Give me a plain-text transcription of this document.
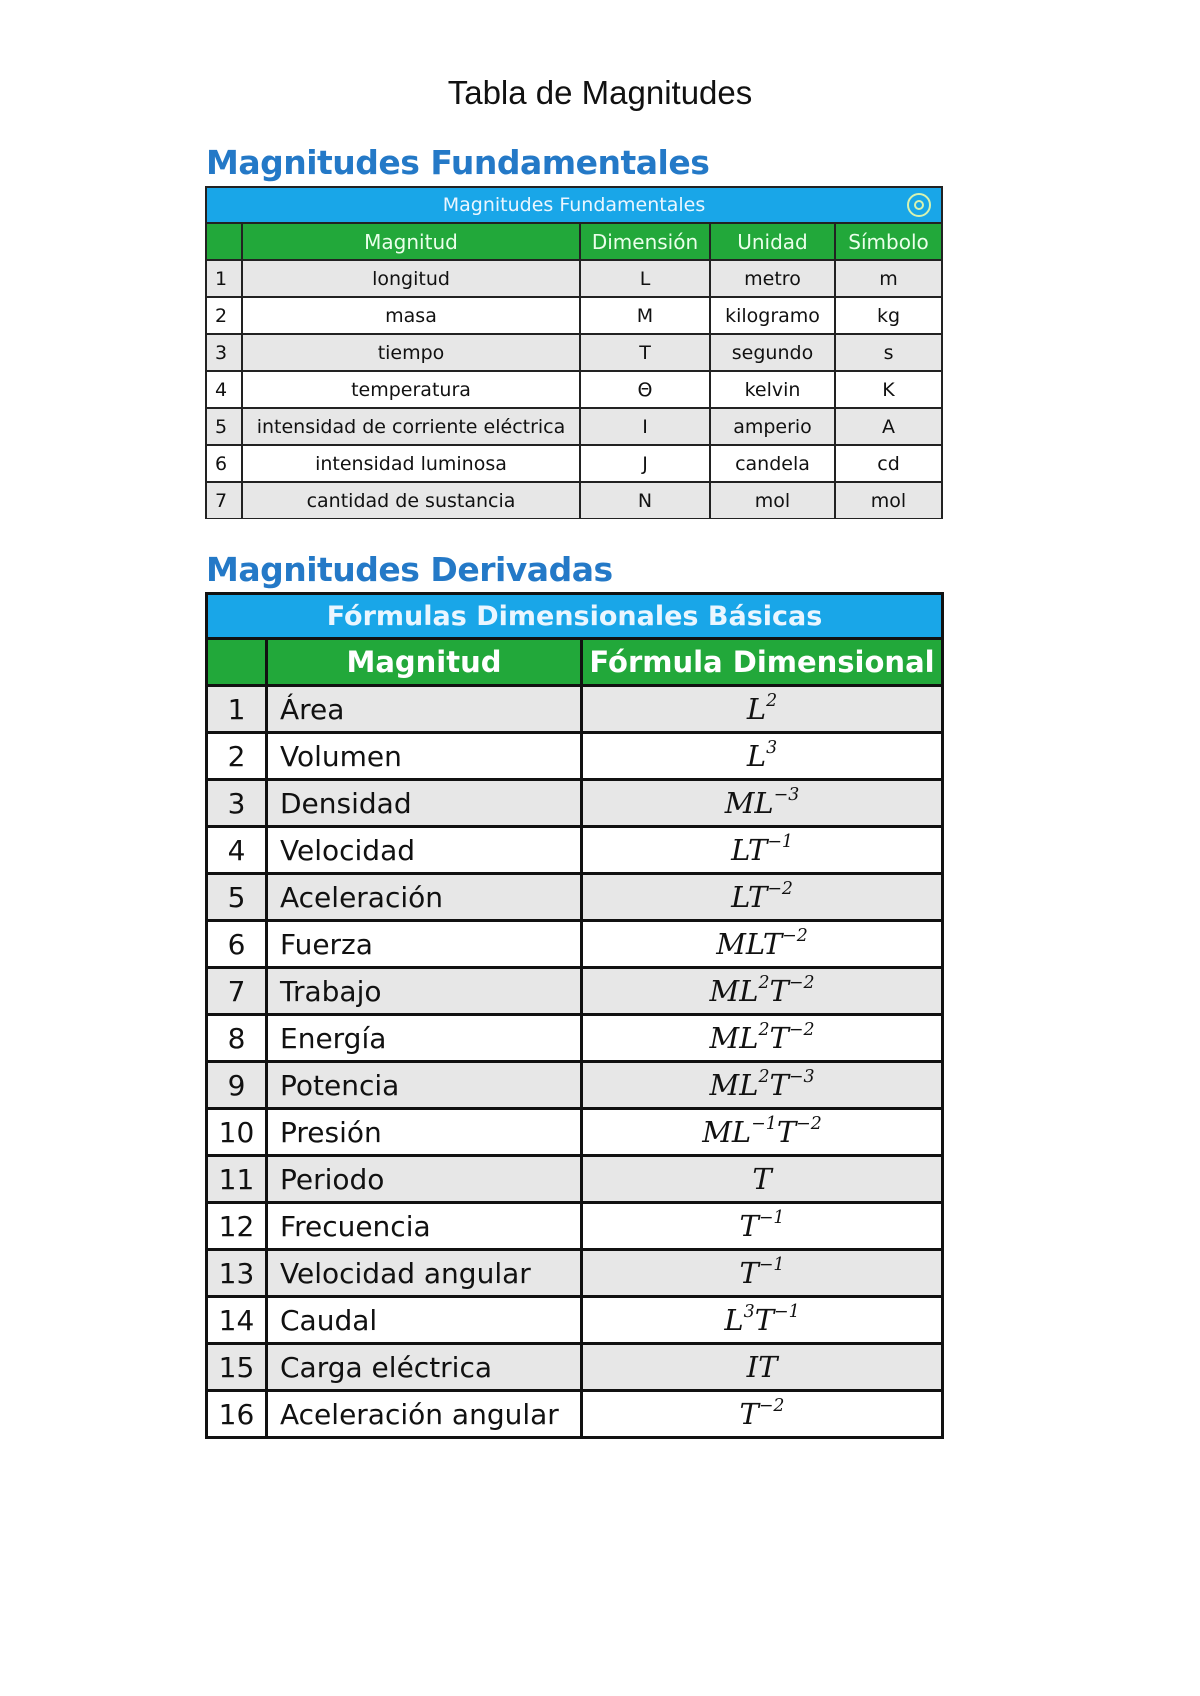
Tabla de Magnitudes
Magnitudes Fundamentales
Magnitudes Fundamentales				

	Magnitud	Dimensión	Unidad	Símbolo
1	longitud	L	metro	m
2	masa	M	kilogramo	kg
3	tiempo	T	segundo	s
4	temperatura	Θ	kelvin	K
5	intensidad de corriente eléctrica	I	amperio	A
6	intensidad luminosa	J	candela	cd
7	cantidad de sustancia	N	mol	mol
Magnitudes Derivadas
Fórmulas Dimensionales Básicas		
	Magnitud	Fórmula Dimensional
1	Área	$L^2$
2	Volumen	$L^3$
3	Densidad	$ML^{-3}$
4	Velocidad	$LT^{-1}$
5	Aceleración	$LT^{-2}$
6	Fuerza	$MLT^{-2}$
7	Trabajo	$ML^2T^{-2}$
8	Energía	$ML^2T^{-2}$
9	Potencia	$ML^2T^{-3}$
10	Presión	$ML^{-1}T^{-2}$
11	Periodo	T
12	Frecuencia	$T^{-1}$
13	Velocidad angular	$T^{-1}$
14	Caudal	$L^3T^{-1}$
15	Carga eléctrica	IT
16	Aceleración angular	$T^{-2}$
